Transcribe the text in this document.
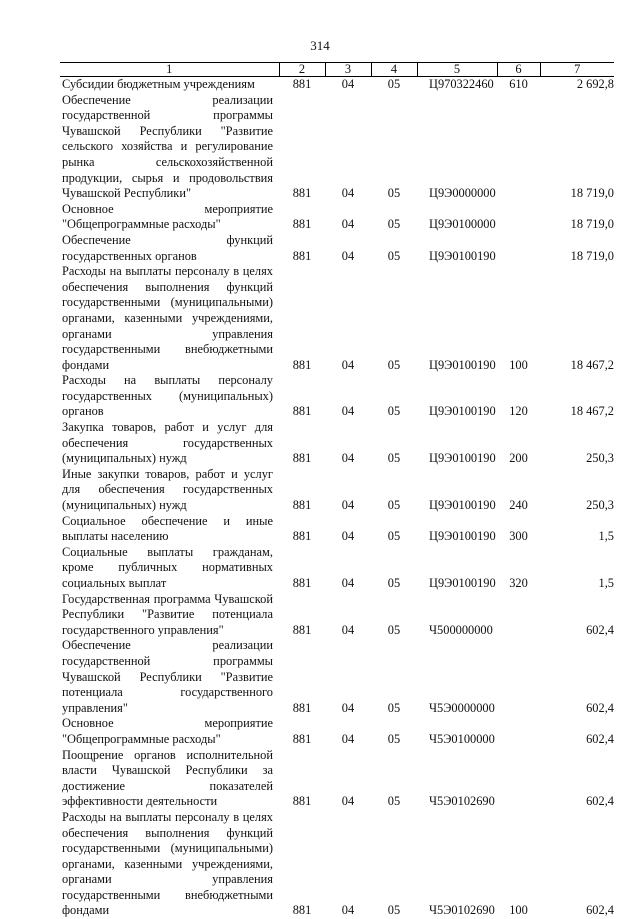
314
1	2	3	4	5	6	7
Субсидии бюджетным учреждениям	881	04	05	Ц970322460	610	2 692,8
Обеспечение реализации государственной программы Чувашской Республики "Развитие сельского хозяйства и регулирование рынка сельскохозяйственной продукции, сырья и продовольствия Чувашской Республики"	881	04	05	Ц9Э0000000		18 719,0
Основное мероприятие "Общепрограммные расходы"	881	04	05	Ц9Э0100000		18 719,0
Обеспечение функций государственных органов	881	04	05	Ц9Э0100190		18 719,0
Расходы на выплаты персоналу в целях обеспечения выполнения функций государственными (муниципальными) органами, казенными учреждениями, органами управления государственными внебюджетными фондами	881	04	05	Ц9Э0100190	100	18 467,2
Расходы на выплаты персоналу государственных (муниципальных) органов	881	04	05	Ц9Э0100190	120	18 467,2
Закупка товаров, работ и услуг для обеспечения государственных (муниципальных) нужд	881	04	05	Ц9Э0100190	200	250,3
Иные закупки товаров, работ и услуг для обеспечения государственных (муниципальных) нужд	881	04	05	Ц9Э0100190	240	250,3
Социальное обеспечение и иные выплаты населению	881	04	05	Ц9Э0100190	300	1,5
Социальные выплаты гражданам, кроме публичных нормативных социальных выплат	881	04	05	Ц9Э0100190	320	1,5
Государственная программа Чувашской Республики "Развитие потенциала государственного управления"	881	04	05	Ч500000000		602,4
Обеспечение реализации государственной программы Чувашской Республики "Развитие потенциала государственного управления"	881	04	05	Ч5Э0000000		602,4
Основное мероприятие "Общепрограммные расходы"	881	04	05	Ч5Э0100000		602,4
Поощрение органов исполнительной власти Чувашской Республики за достижение показателей эффективности деятельности	881	04	05	Ч5Э0102690		602,4
Расходы на выплаты персоналу в целях обеспечения выполнения функций государственными (муниципальными) органами, казенными учреждениями, органами управления государственными внебюджетными фондами	881	04	05	Ч5Э0102690	100	602,4
